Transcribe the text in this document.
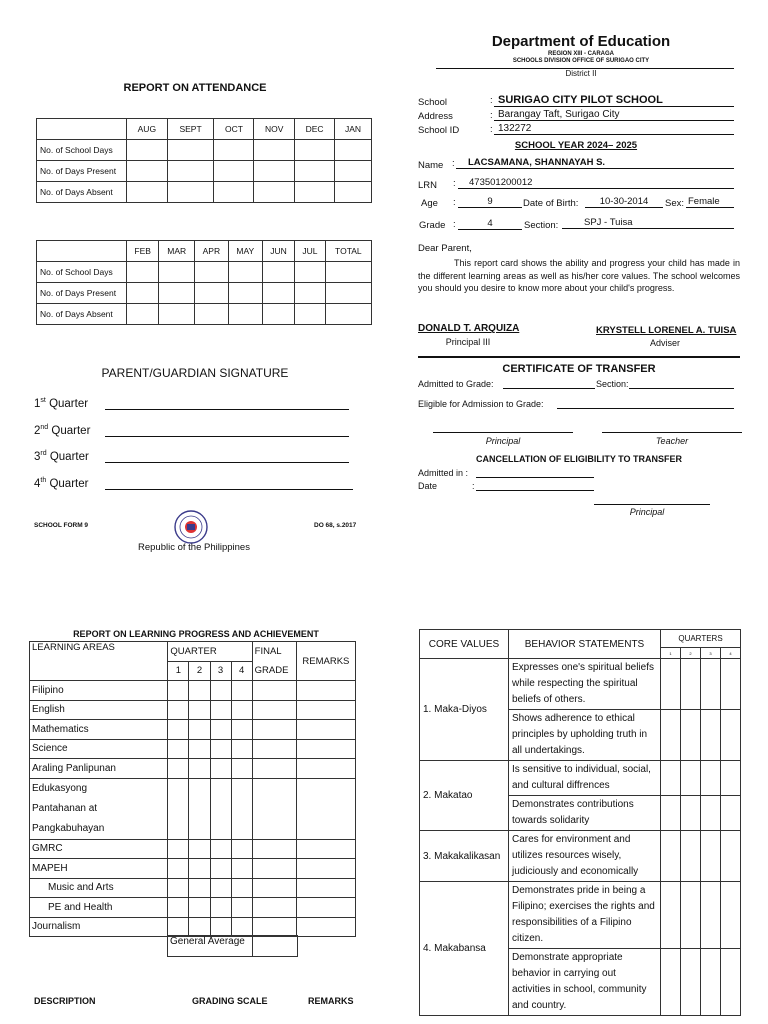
REPORT ON ATTENDANCE
	AUG	SEPT	OCT	NOV	DEC	JAN
No. of School Days						
No. of Days Present						
No. of Days Absent						
	FEB	MAR	APR	MAY	JUN	JUL	TOTAL
No. of School Days							
No. of Days Present							
No. of Days Absent							
PARENT/GUARDIAN SIGNATURE
1st Quarter
2nd Quarter
3rd Quarter
4th Quarter
SCHOOL FORM 9	DO 68, s.2017
Republic of the Philippines
Department of Education
REGION XIII - CARAGA
SCHOOLS DIVISION OFFICE OF SURIGAO CITY
District II
School	: SURIGAO CITY PILOT SCHOOL
Address	: Barangay Taft, Surigao City
School ID	: 132272
SCHOOL YEAR 2024– 2025
Name :	LACSAMANA, SHANNAYAH S.
LRN :	473501200012
Age :	9	Date of Birth:	10-30-2014	Sex: Female
Grade :	4	Section:	SPJ - Tuisa
Dear Parent,
This report card shows the ability and progress your child has made in the different learning areas as well as his/her core values. The school welcomes you should you desire to know more about your child's progress.
DONALD T. ARQUIZA
Principal III
KRYSTELL LORENEL A. TUISA
Adviser
CERTIFICATE OF TRANSFER
Admitted to Grade:	Section:
Eligible for Admission to Grade:
Principal	Teacher
CANCELLATION OF ELIGIBILITY TO TRANSFER
Admitted in :
Date	:
Principal
REPORT ON LEARNING PROGRESS AND ACHIEVEMENT
LEARNING AREAS	QUARTER				FINAL	REMARKS
	1	2	3	4	GRADE	
Filipino						
English						
Mathematics						
Science						
Araling Panlipunan						

Edukasyong
Pantahanan at
Pangkabuhayan						

GMRC						
MAPEH						
Music and Arts						
PE and Health						
Journalism						
General Average	
DESCRIPTION	GRADING SCALE	REMARKS
CORE VALUES	BEHAVIOR STATEMENTS	QUARTERS			
		1	2	3	4
1. Maka-Diyos	Expresses one's spiritual beliefs while respecting the spiritual beliefs of others.				
	Shows adherence to ethical principles by upholding truth in all undertakings.				
2. Makatao	Is sensitive to individual, social, and cultural diffrences				
	Demonstrates contributions towards solidarity				
3. Makakalikasan	Cares for environment and utilizes resources wisely, judiciously and economically				
4. Makabansa	Demonstrates pride in being a Filipino; exercises the rights and responsibilities of a Filipino citizen.				
	Demonstrate appropriate behavior in carrying out activities in school, community and country.				
